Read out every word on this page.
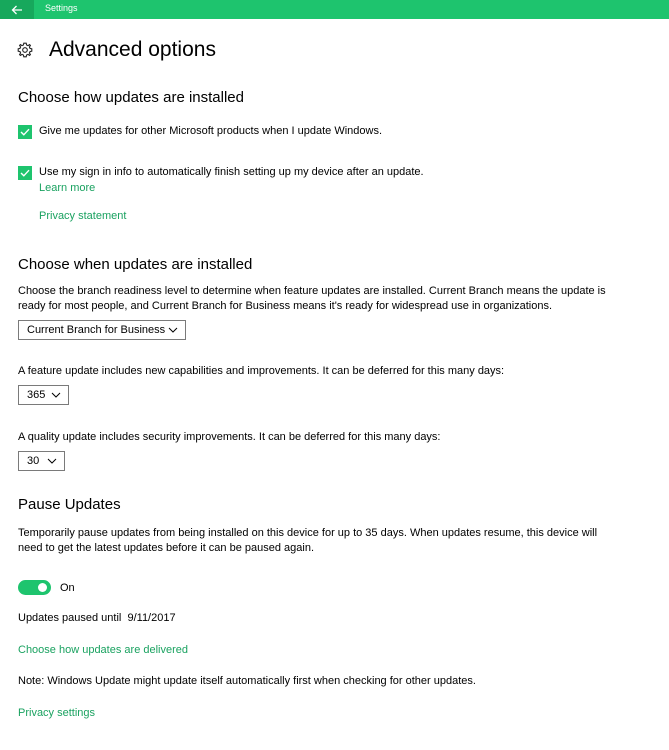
Settings
Advanced options
Choose how updates are installed
Give me updates for other Microsoft products when I update Windows.
Use my sign in info to automatically finish setting up my device after an update.
Learn more
Privacy statement
Choose when updates are installed
Choose the branch readiness level to determine when feature updates are installed. Current Branch means the update is ready for most people, and Current Branch for Business means it's ready for widespread use in organizations.
Current Branch for Business
A feature update includes new capabilities and improvements. It can be deferred for this many days:
365
A quality update includes security improvements. It can be deferred for this many days:
30
Pause Updates
Temporarily pause updates from being installed on this device for up to 35 days. When updates resume, this device will need to get the latest updates before it can be paused again.
On
Updates paused until  9/11/2017
Choose how updates are delivered
Note: Windows Update might update itself automatically first when checking for other updates.
Privacy settings
